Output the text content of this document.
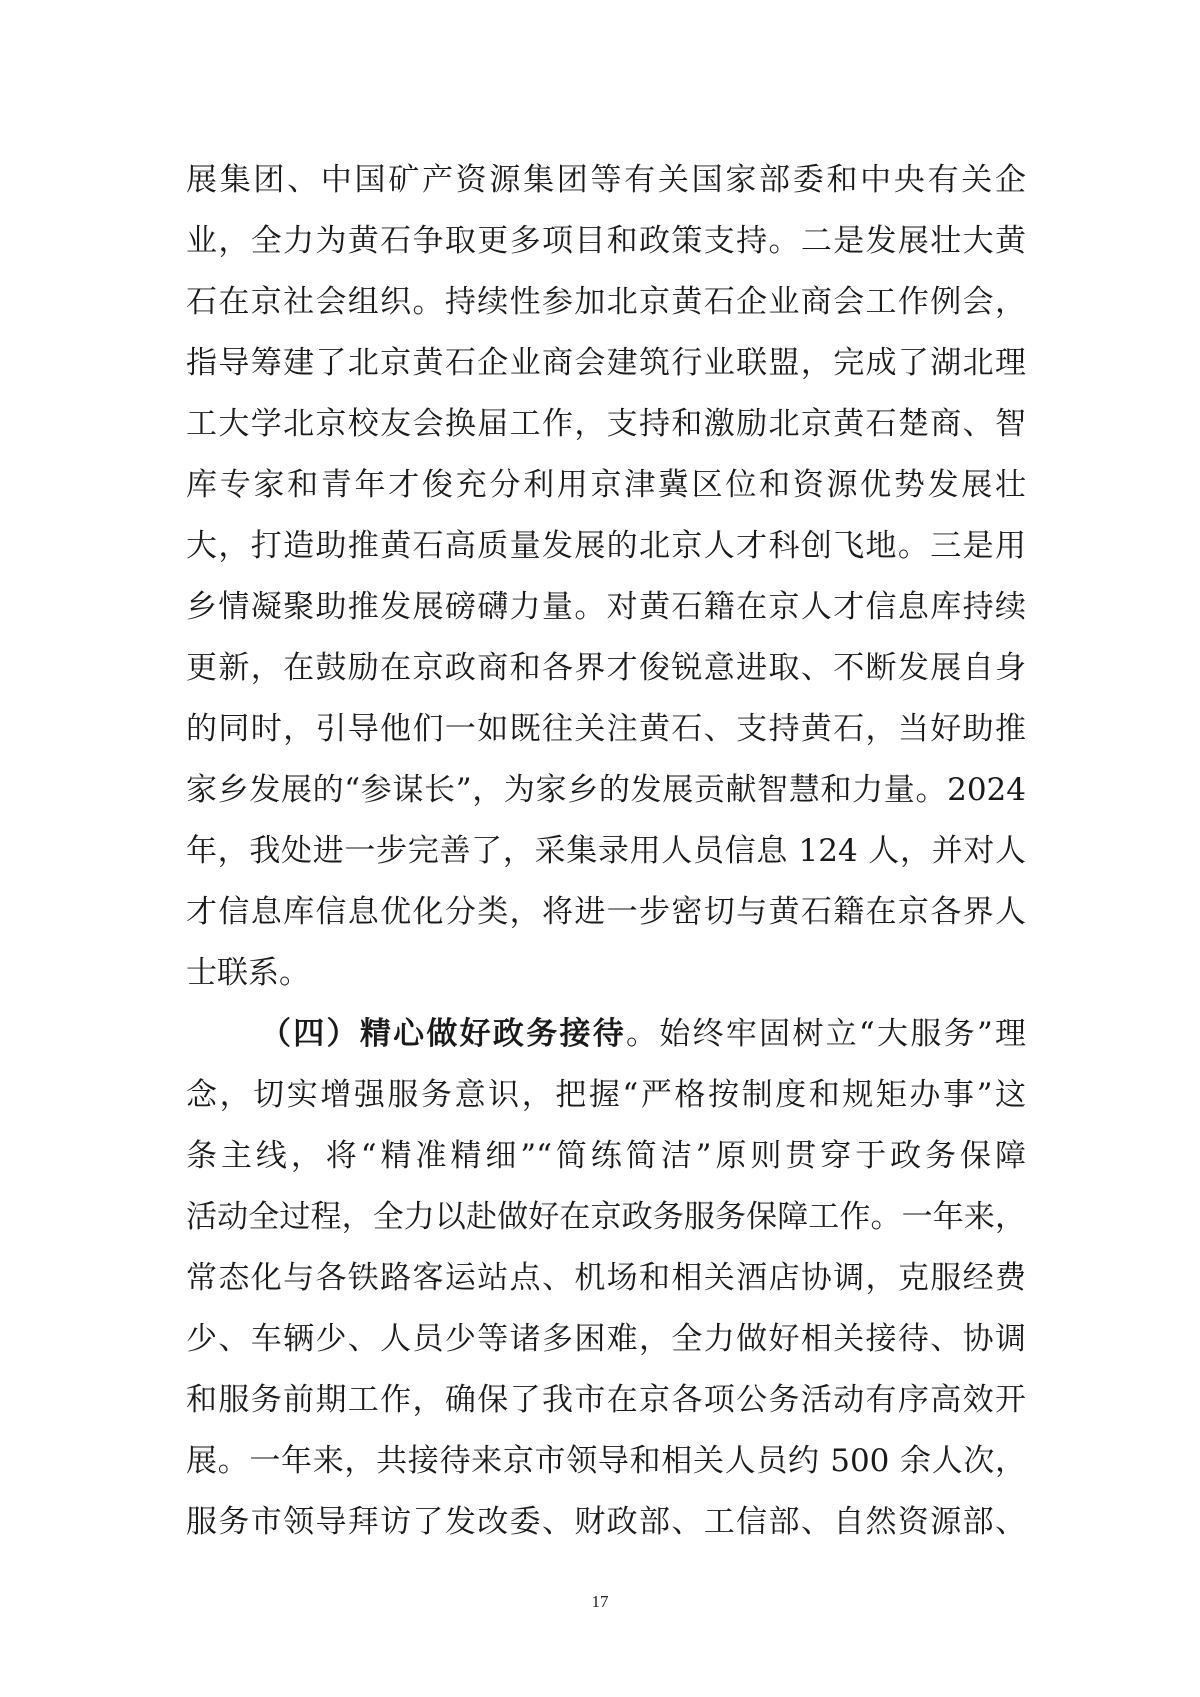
展集团、中国矿产资源集团等有关国家部委和中央有关企
业，全力为黄石争取更多项目和政策支持。二是发展壮大黄
石在京社会组织。持续性参加北京黄石企业商会工作例会，
指导筹建了北京黄石企业商会建筑行业联盟，完成了湖北理
工大学北京校友会换届工作，支持和激励北京黄石楚商、智
库专家和青年才俊充分利用京津冀区位和资源优势发展壮
大，打造助推黄石高质量发展的北京人才科创飞地。三是用
乡情凝聚助推发展磅礴力量。对黄石籍在京人才信息库持续
更新，在鼓励在京政商和各界才俊锐意进取、不断发展自身
的同时，引导他们一如既往关注黄石、支持黄石，当好助推
家乡发展的“参谋长”，为家乡的发展贡献智慧和力量。2024
年，我处进一步完善了，采集录用人员信息 124 人，并对人
才信息库信息优化分类，将进一步密切与黄石籍在京各界人
士联系。
（四）精心做好政务接待。始终牢固树立“大服务”理
念，切实增强服务意识，把握“严格按制度和规矩办事”这
条主线，将“精准精细”“简练简洁”原则贯穿于政务保障
活动全过程，全力以赴做好在京政务服务保障工作。一年来，
常态化与各铁路客运站点、机场和相关酒店协调，克服经费
少、车辆少、人员少等诸多困难，全力做好相关接待、协调
和服务前期工作，确保了我市在京各项公务活动有序高效开
展。一年来，共接待来京市领导和相关人员约 500 余人次，
服务市领导拜访了发改委、财政部、工信部、自然资源部、
17
